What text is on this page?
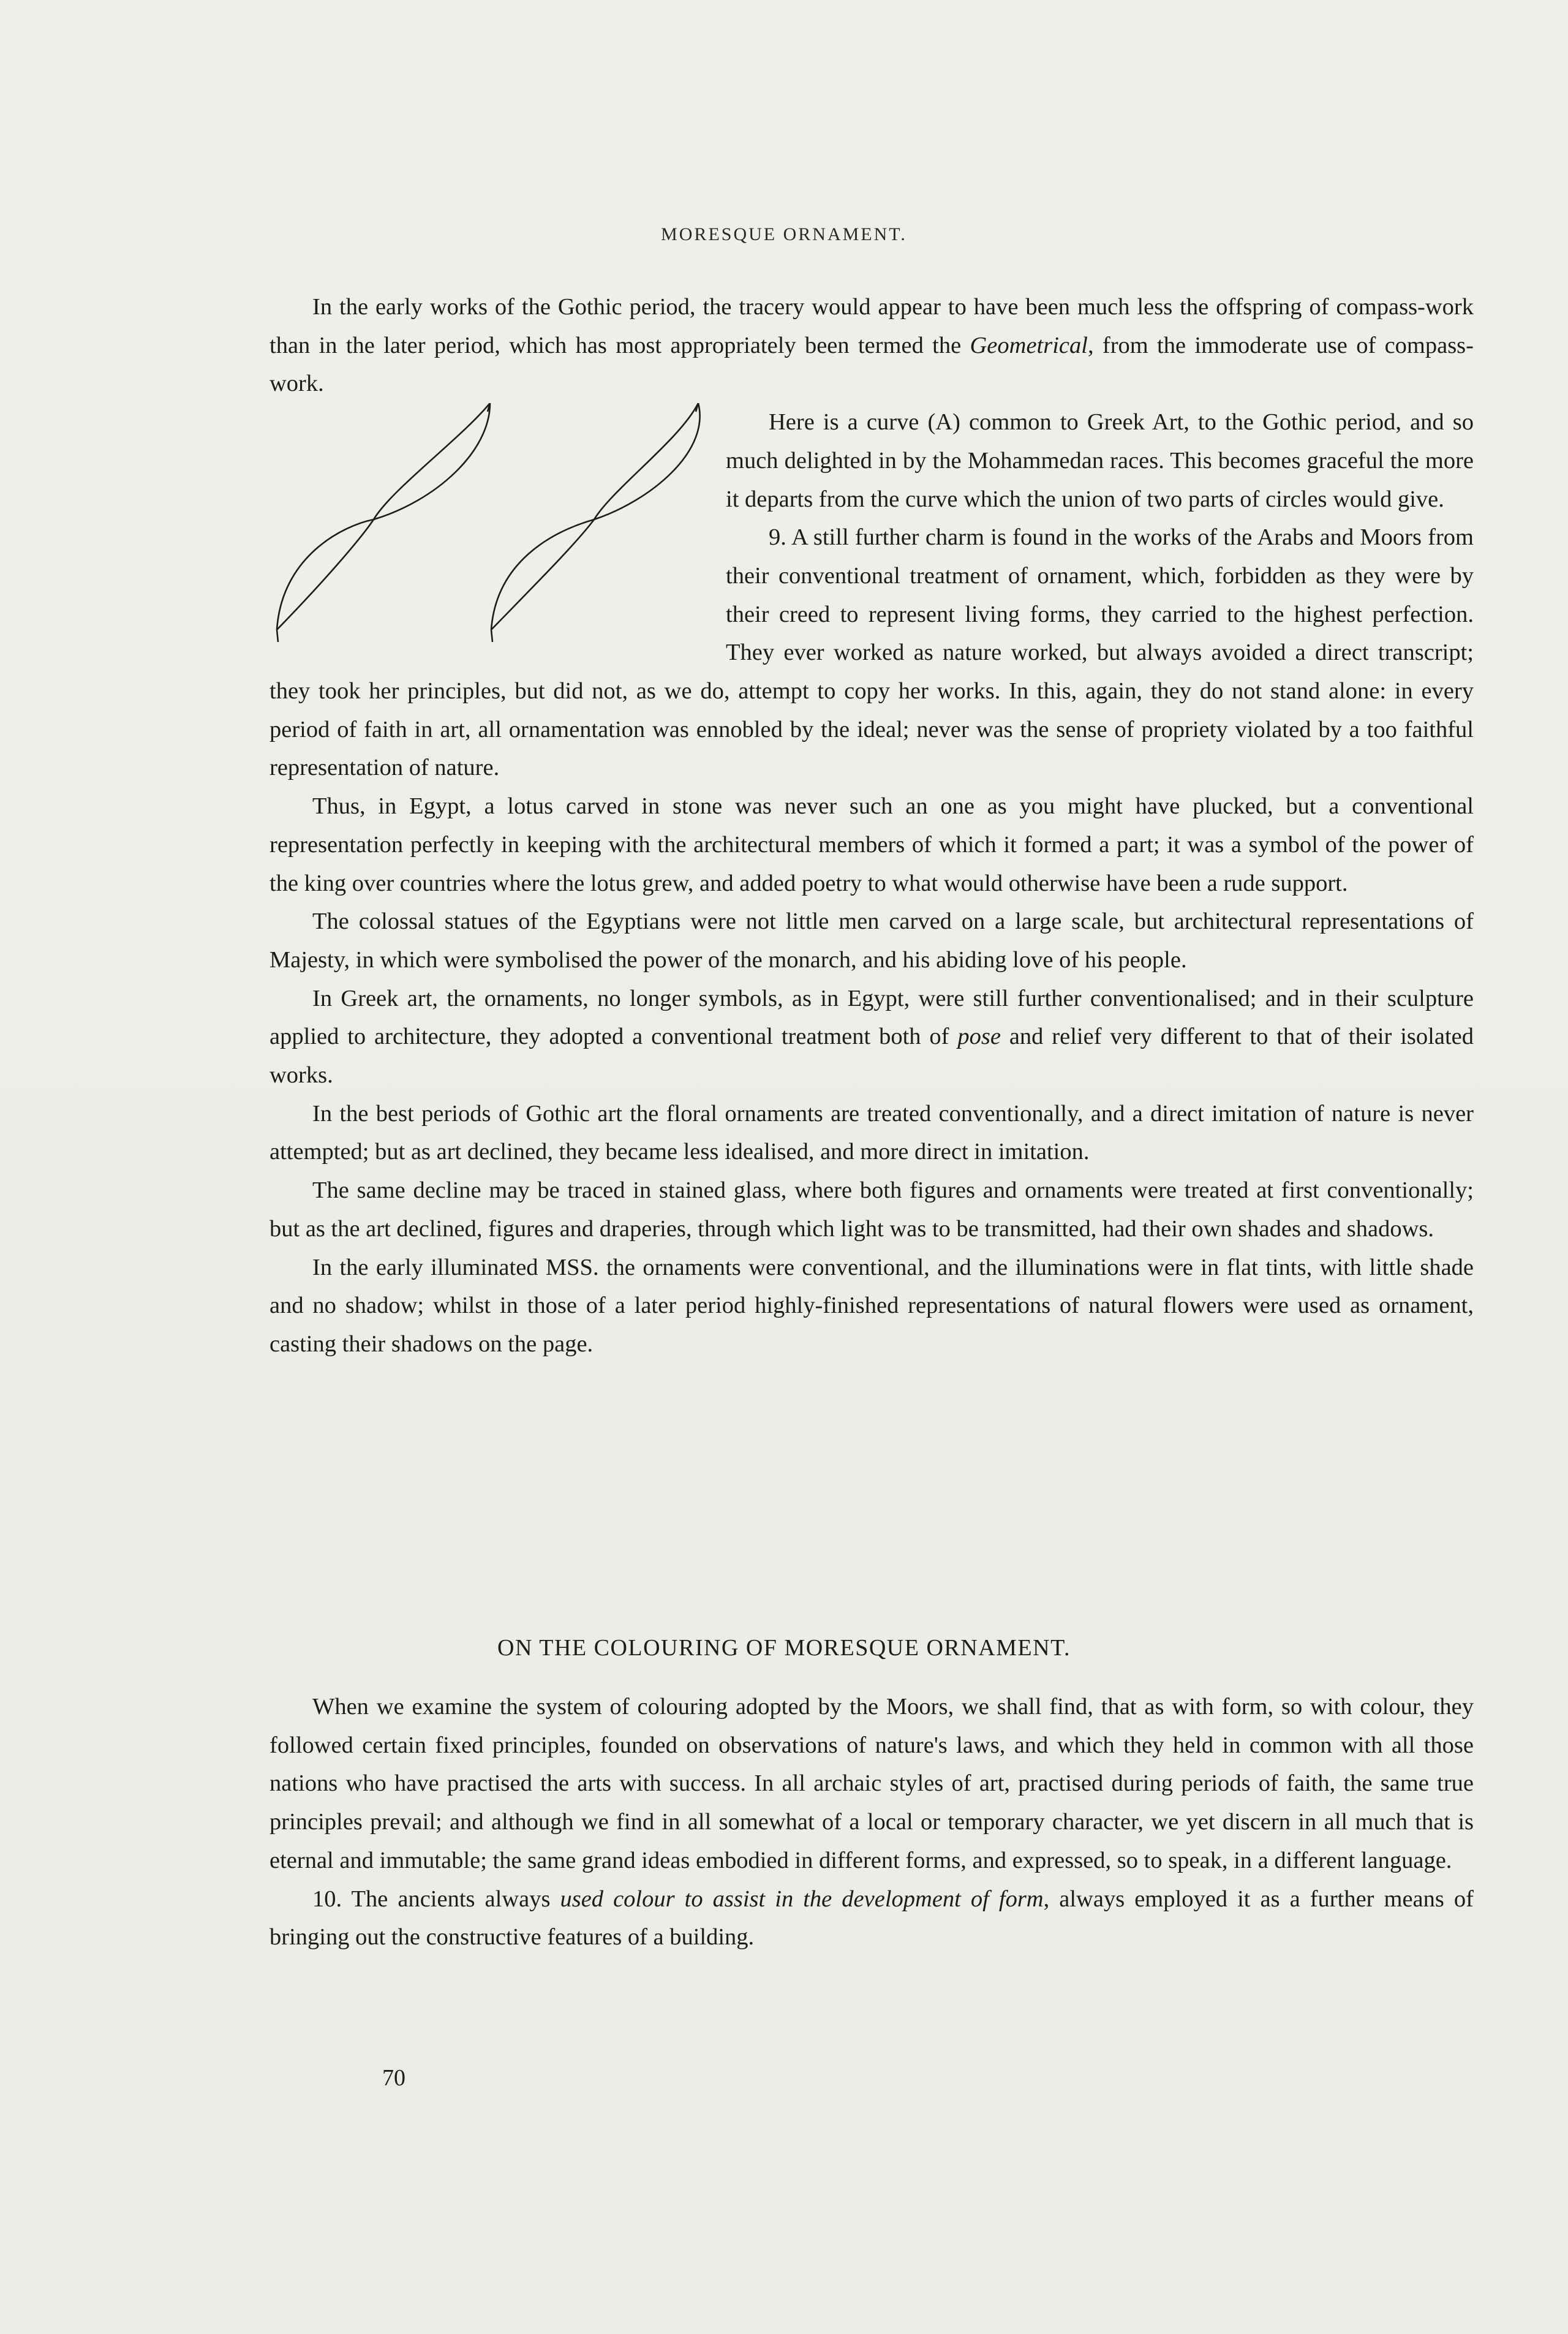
MORESQUE ORNAMENT.

In the early works of the Gothic period, the tracery would appear to have been much less the offspring of compass-work than in the later period, which has most appropriately been termed the Geometrical, from the immoderate use of compass-work.

Here is a curve (A) common to Greek Art, to the Gothic period, and so much delighted in by the Mohammedan races. This becomes graceful the more it departs from the curve which the union of two parts of circles would give.

9. A still further charm is found in the works of the Arabs and Moors from their conventional treatment of ornament, which, forbidden as they were by their creed to represent living forms, they carried to the highest perfection. They ever worked as nature worked, but always avoided a direct transcript; they took her principles, but did not, as we do, attempt to copy her works. In this, again, they do not stand alone: in every period of faith in art, all ornamentation was ennobled by the ideal; never was the sense of propriety violated by a too faithful representation of nature.

Thus, in Egypt, a lotus carved in stone was never such an one as you might have plucked, but a conventional representation perfectly in keeping with the architectural members of which it formed a part; it was a symbol of the power of the king over countries where the lotus grew, and added poetry to what would otherwise have been a rude support.

The colossal statues of the Egyptians were not little men carved on a large scale, but architectural representations of Majesty, in which were symbolised the power of the monarch, and his abiding love of his people.

In Greek art, the ornaments, no longer symbols, as in Egypt, were still further conventionalised; and in their sculpture applied to architecture, they adopted a conventional treatment both of pose and relief very different to that of their isolated works.

In the best periods of Gothic art the floral ornaments are treated conventionally, and a direct imitation of nature is never attempted; but as art declined, they became less idealised, and more direct in imitation.

The same decline may be traced in stained glass, where both figures and ornaments were treated at first conventionally; but as the art declined, figures and draperies, through which light was to be transmitted, had their own shades and shadows.

In the early illuminated MSS. the ornaments were conventional, and the illuminations were in flat tints, with little shade and no shadow; whilst in those of a later period highly-finished representations of natural flowers were used as ornament, casting their shadows on the page.

ON THE COLOURING OF MORESQUE ORNAMENT.

When we examine the system of colouring adopted by the Moors, we shall find, that as with form, so with colour, they followed certain fixed principles, founded on observations of nature's laws, and which they held in common with all those nations who have practised the arts with success. In all archaic styles of art, practised during periods of faith, the same true principles prevail; and although we find in all somewhat of a local or temporary character, we yet discern in all much that is eternal and immutable; the same grand ideas embodied in different forms, and expressed, so to speak, in a different language.

10. The ancients always used colour to assist in the development of form, always employed it as a further means of bringing out the constructive features of a building.

70
